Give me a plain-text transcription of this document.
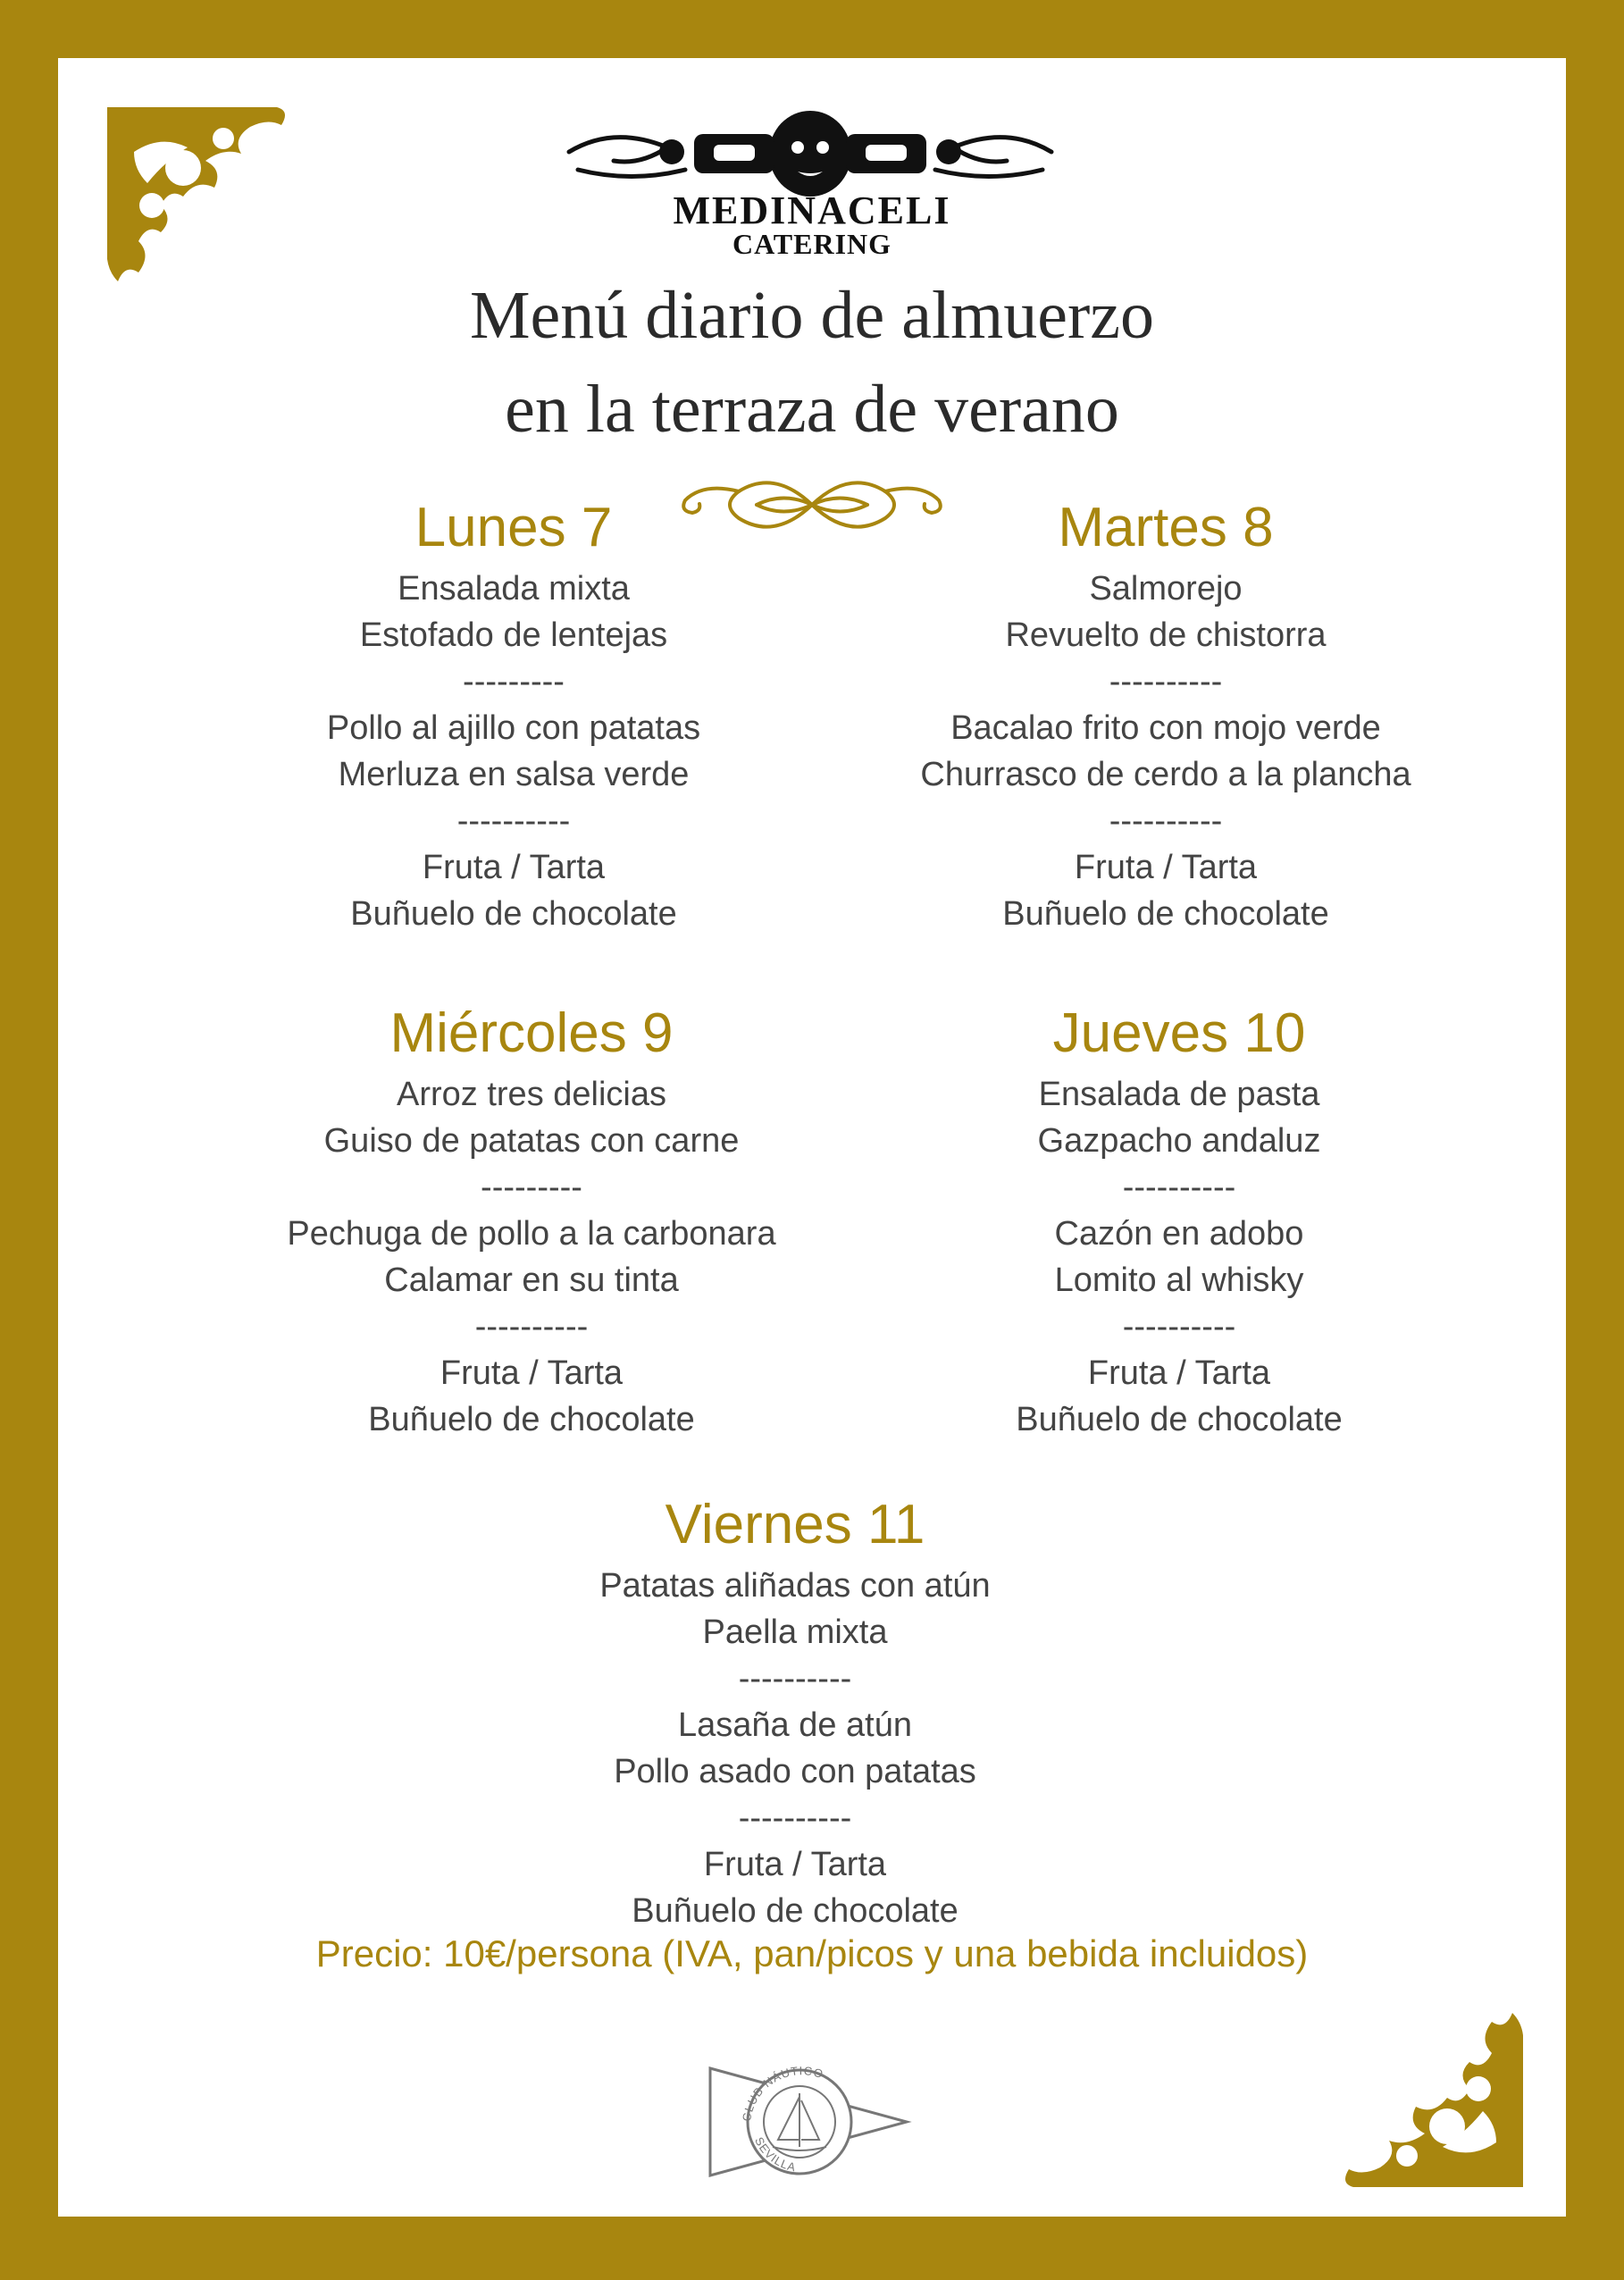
MEDINACELI
CATERING
Menú diario de almuerzo
en la terraza de verano
Lunes 7
Ensalada mixta
Estofado de lentejas
---------
Pollo al ajillo con patatas
Merluza en salsa verde
----------
Fruta / Tarta
Buñuelo de chocolate
Martes 8
Salmorejo
Revuelto de chistorra
----------
Bacalao frito con mojo verde
Churrasco de cerdo a la plancha
----------
Fruta / Tarta
Buñuelo de chocolate
Miércoles 9
Arroz tres delicias
Guiso de patatas con carne
---------
Pechuga de pollo a la carbonara
Calamar en su tinta
----------
Fruta / Tarta
Buñuelo de chocolate
Jueves 10
Ensalada de pasta
Gazpacho andaluz
----------
Cazón en adobo
Lomito al whisky
----------
Fruta / Tarta
Buñuelo de chocolate
Viernes 11
Patatas aliñadas con atún
Paella mixta
----------
Lasaña de atún
Pollo asado con patatas
----------
Fruta / Tarta
Buñuelo de chocolate
Precio: 10€/persona (IVA, pan/picos y una bebida incluidos)
CLUB NÁUTICO
SEVILLA
